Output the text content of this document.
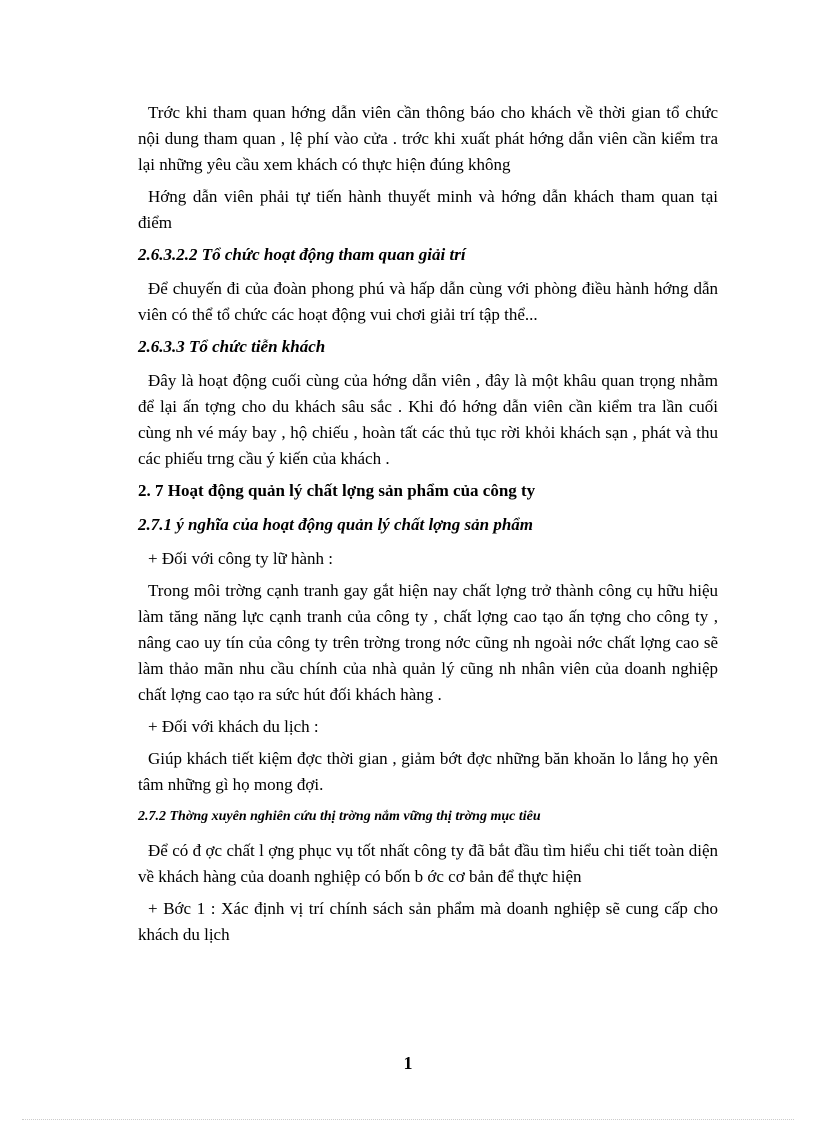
Trớc khi tham quan hớng dẫn viên cần thông báo cho khách về thời gian tổ chức nội dung tham quan , lệ phí vào cửa . trớc khi xuất phát hớng dẫn viên cần kiểm tra lại những yêu cầu xem khách có thực hiện đúng không

Hớng dẫn viên phải tự tiến hành thuyết minh và hớng dẫn khách tham quan tại điểm

2.6.3.2.2 Tổ chức hoạt động tham quan giải trí

Để chuyến đi của đoàn phong phú và hấp dẫn cùng với phòng điều hành hớng dẫn viên có thể tổ chức các hoạt động vui chơi giải trí tập thể...

2.6.3.3 Tổ chức tiễn khách

Đây là hoạt động cuối cùng của hớng dẫn viên , đây là một khâu quan trọng nhằm để lại ấn tợng cho du khách sâu sắc . Khi đó hớng dẫn viên cần kiểm tra lần cuối cùng nh vé máy bay , hộ chiếu , hoàn tất các thủ tục rời khỏi khách sạn , phát và thu các phiếu trng cầu ý kiến của khách .

2. 7 Hoạt động quản lý chất lợng sản phẩm của công ty
2.7.1 ý nghĩa của hoạt động quản lý chất lợng sản phẩm

+ Đối với công ty lữ hành :

Trong môi trờng cạnh tranh gay gắt hiện nay chất lợng trở thành công cụ hữu hiệu làm tăng năng lực cạnh tranh của công ty , chất lợng cao tạo ấn tợng cho công ty , nâng cao uy tín của công ty trên trờng trong nớc cũng nh ngoài nớc chất lợng cao sẽ làm thảo mãn nhu cầu chính của nhà quản lý cũng nh nhân viên của doanh nghiệp chất lợng cao tạo ra sức hút đối khách hàng .

+ Đối với khách du lịch :

Giúp khách tiết kiệm đợc thời gian , giảm bớt đợc những băn khoăn lo lắng họ yên tâm những gì họ mong đợi.

2.7.2 Thờng xuyên nghiên cứu thị trờng nắm vững thị trờng mục tiêu

Để có đ ợc chất l ợng phục vụ tốt nhất công ty đã bắt đầu tìm hiểu chi tiết toàn diện về khách hàng của doanh nghiệp có bốn b ớc cơ bản để thực hiện

+ Bớc 1 : Xác định vị trí chính sách sản phẩm mà doanh nghiệp sẽ cung cấp cho khách du lịch

1
